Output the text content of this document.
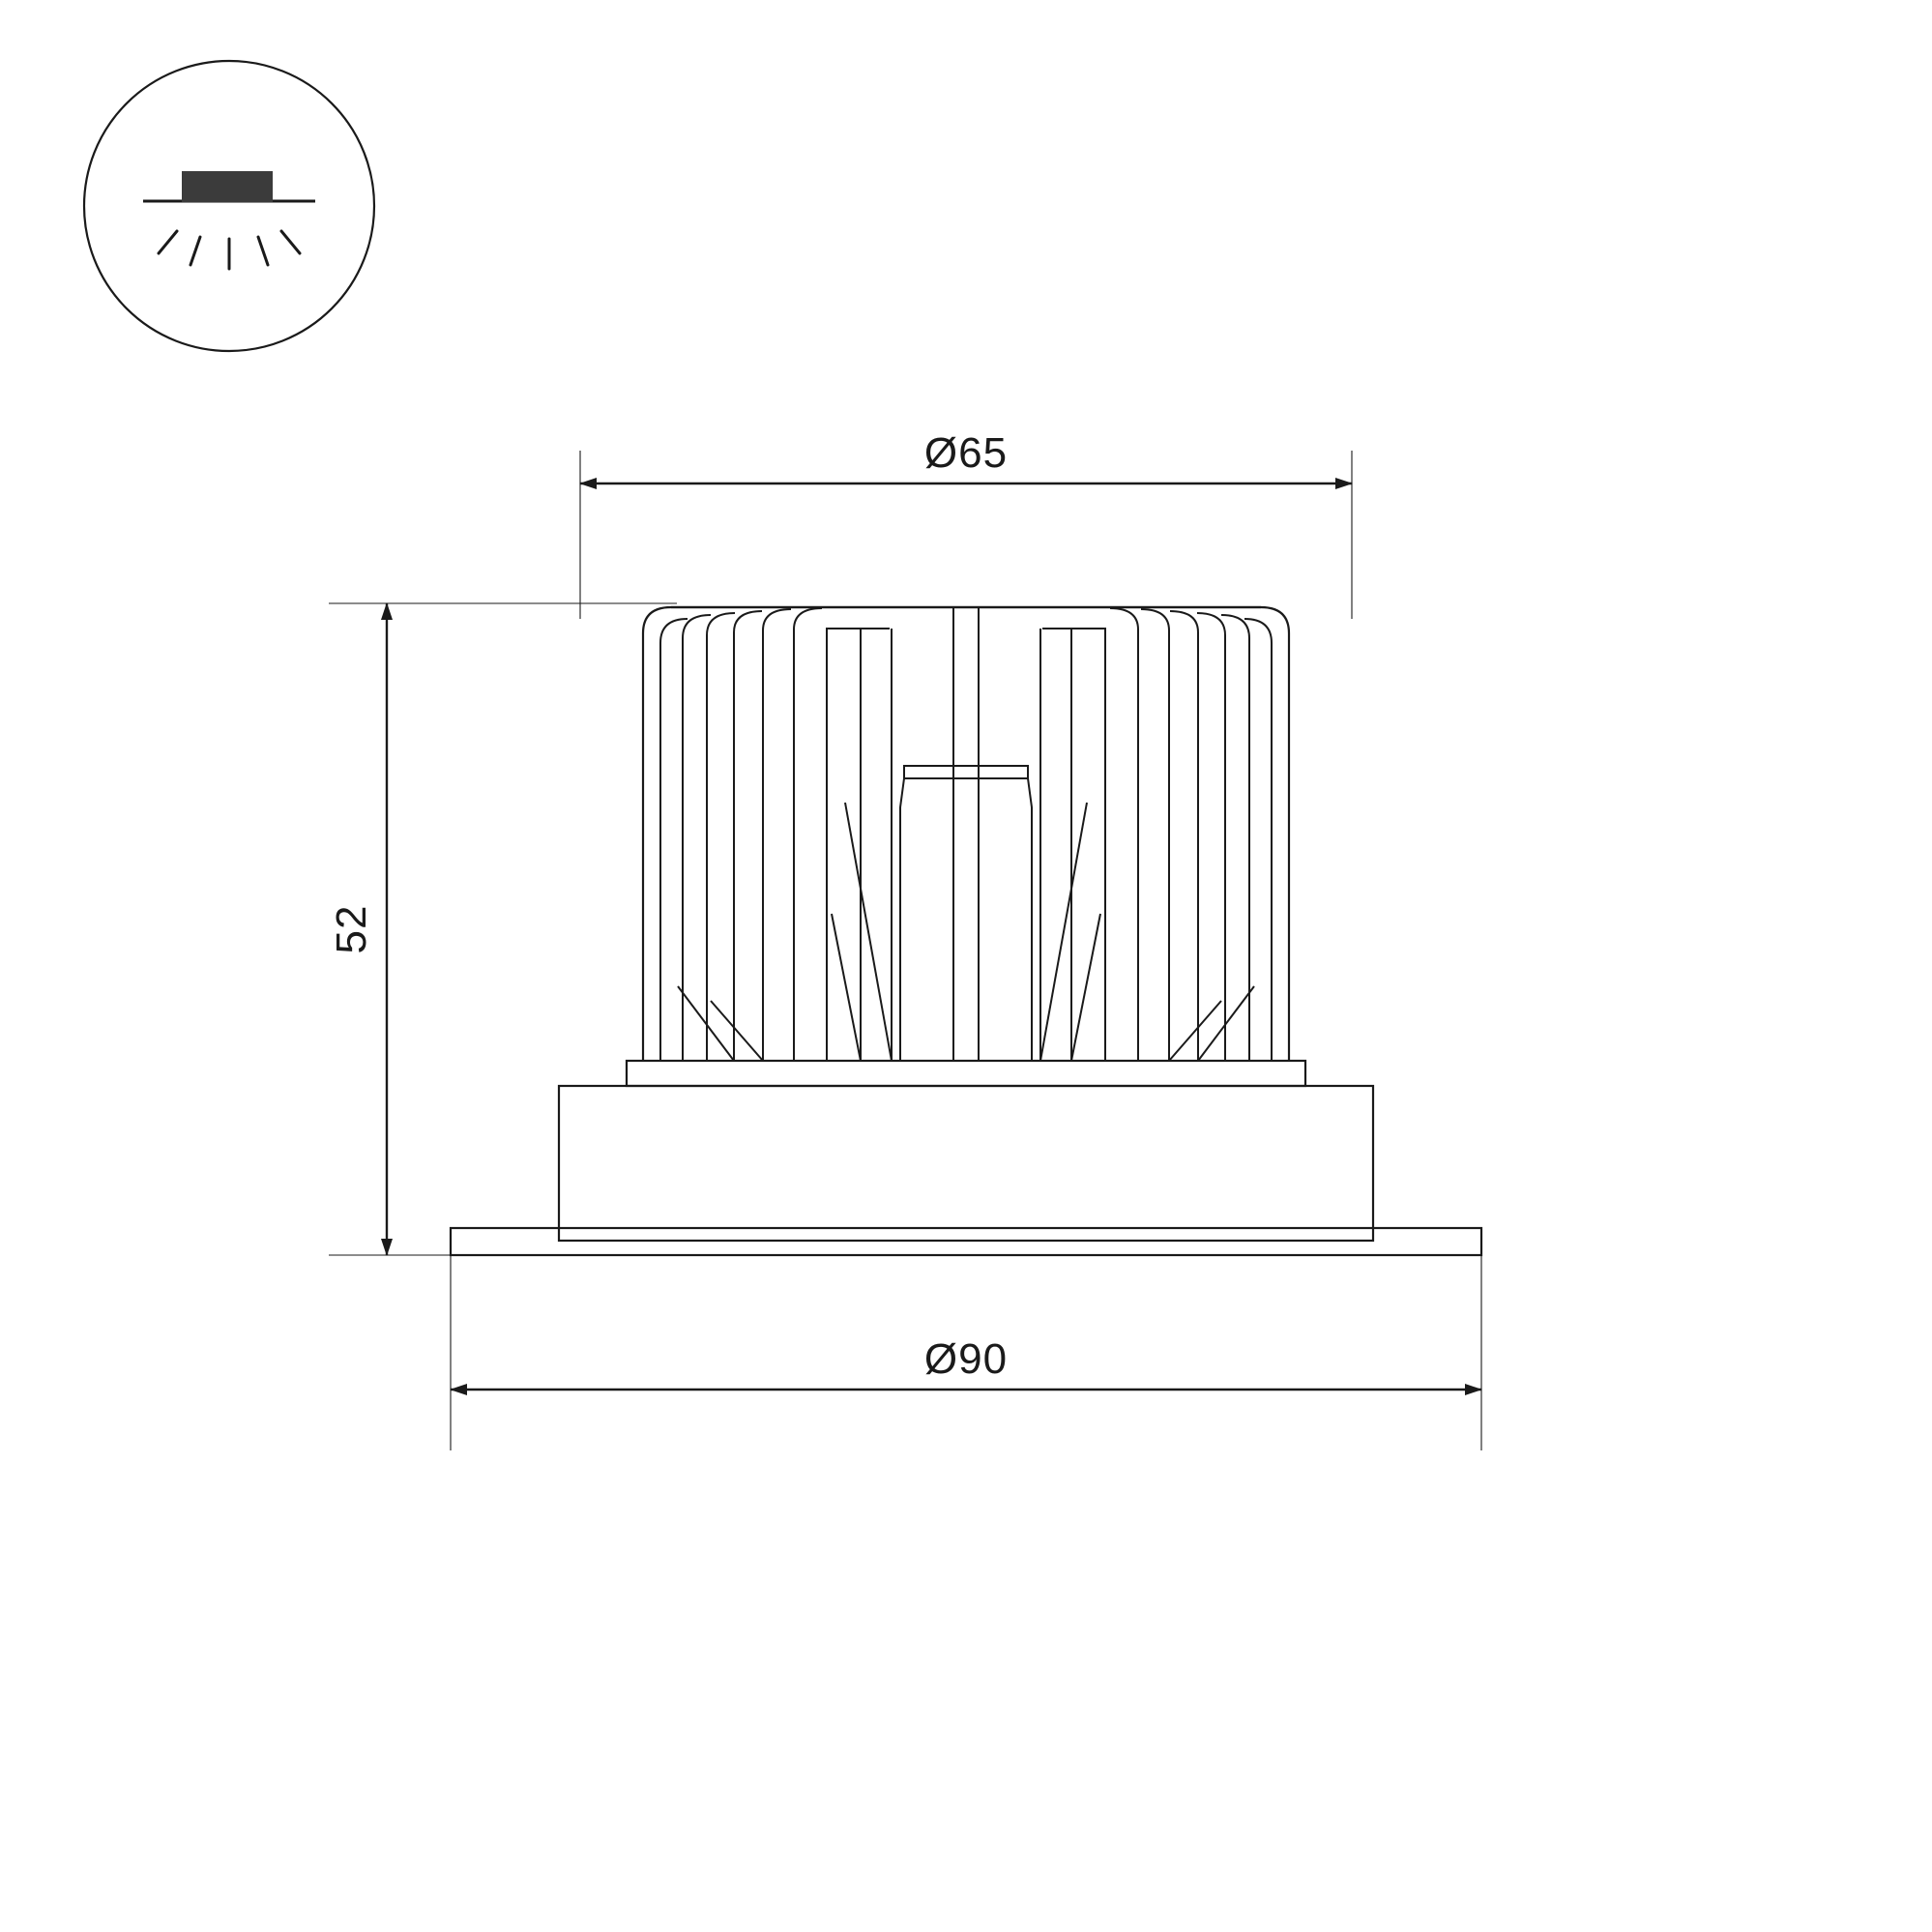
Ø65
52
Ø90
